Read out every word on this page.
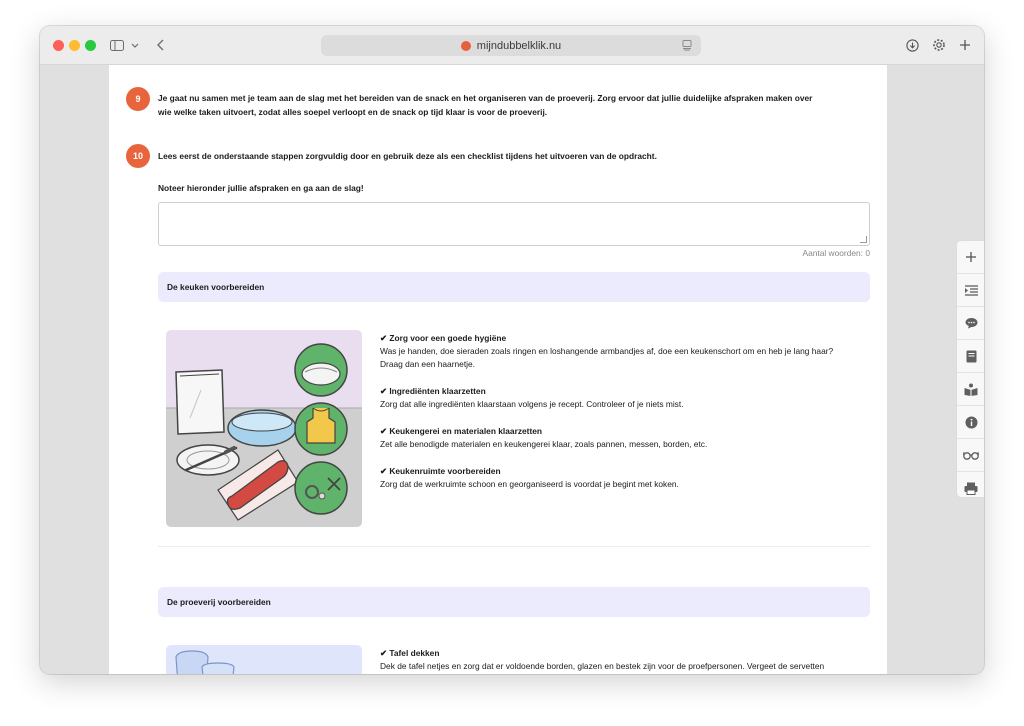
mijndubbelklik.nu
9	Je gaat nu samen met je team aan de slag met het bereiden van de snack en het organiseren van de proeverij. Zorg ervoor dat jullie duidelijke afspraken maken over wie welke taken uitvoert, zodat alles soepel verloopt en de snack op tijd klaar is voor de proeverij.
10	Lees eerst de onderstaande stappen zorgvuldig door en gebruik deze als een checklist tijdens het uitvoeren van de opdracht.
Noteer hieronder jullie afspraken en ga aan de slag!
Aantal woorden: 0
De keuken voorbereiden
✔ Zorg voor een goede hygiëne
Was je handen, doe sieraden zoals ringen en loshangende armbandjes af, doe een keukenschort om en heb je lang haar? Draag dan een haarnetje.
✔ Ingrediënten klaarzetten
Zorg dat alle ingrediënten klaarstaan volgens je recept. Controleer of je niets mist.
✔ Keukengerei en materialen klaarzetten
Zet alle benodigde materialen en keukengerei klaar, zoals pannen, messen, borden, etc.
✔ Keukenruimte voorbereiden
Zorg dat de werkruimte schoon en georganiseerd is voordat je begint met koken.
De proeverij voorbereiden
✔ Tafel dekken
Dek de tafel netjes en zorg dat er voldoende borden, glazen en bestek zijn voor de proefpersonen. Vergeet de servetten
